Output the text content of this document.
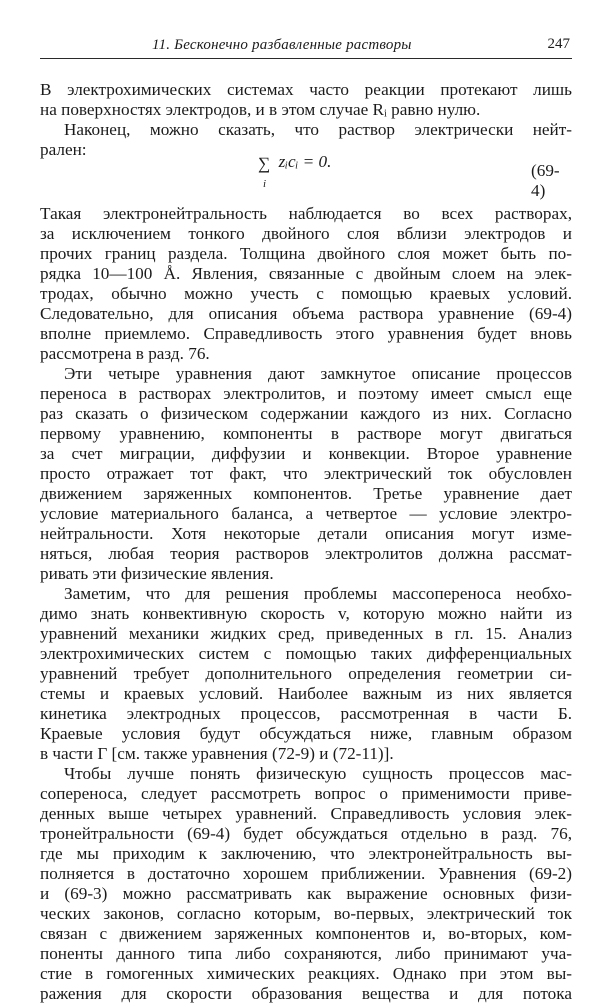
11. Бесконечно разбавленные растворы	247
В электрохимических системах часто реакции протекают лишь
на поверхностях электродов, и в этом случае Rᵢ равно нулю.
Наконец, можно сказать, что раствор электрически нейт-
рален:
Такая электронейтральность наблюдается во всех растворах,
за исключением тонкого двойного слоя вблизи электродов и
прочих границ раздела. Толщина двойного слоя может быть по-
рядка 10—100 Å. Явления, связанные с двойным слоем на элек-
тродах, обычно можно учесть с помощью краевых условий.
Следовательно, для описания объема раствора уравнение (69-4)
вполне приемлемо. Справедливость этого уравнения будет вновь
рассмотрена в разд. 76.
Эти четыре уравнения дают замкнутое описание процессов
переноса в растворах электролитов, и поэтому имеет смысл еще
раз сказать о физическом содержании каждого из них. Согласно
первому уравнению, компоненты в растворе могут двигаться
за счет миграции, диффузии и конвекции. Второе уравнение
просто отражает тот факт, что электрический ток обусловлен
движением заряженных компонентов. Третье уравнение дает
условие материального баланса, а четвертое — условие электро-
нейтральности. Хотя некоторые детали описания могут изме-
няться, любая теория растворов электролитов должна рассмат-
ривать эти физические явления.
Заметим, что для решения проблемы массопереноса необхо-
димо знать конвективную скорость v, которую можно найти из
уравнений механики жидких сред, приведенных в гл. 15. Анализ
электрохимических систем с помощью таких дифференциальных
уравнений требует дополнительного определения геометрии си-
стемы и краевых условий. Наиболее важным из них является
кинетика электродных процессов, рассмотренная в части Б.
Краевые условия будут обсуждаться ниже, главным образом
в части Г [см. также уравнения (72-9) и (72-11)].
Чтобы лучше понять физическую сущность процессов мас-
сопереноса, следует рассмотреть вопрос о применимости приве-
денных выше четырех уравнений. Справедливость условия элек-
тронейтральности (69-4) будет обсуждаться отдельно в разд. 76,
где мы приходим к заключению, что электронейтральность вы-
полняется в достаточно хорошем приближении. Уравнения (69-2)
и (69-3) можно рассматривать как выражение основных физи-
ческих законов, согласно которым, во-первых, электрический ток
связан с движением заряженных компонентов и, во-вторых, ком-
поненты данного типа либо сохраняются, либо принимают уча-
стие в гомогенных химических реакциях. Однако при этом вы-
ражения для скорости образования вещества и для потока
∑
i
zᵢcᵢ = 0.	(69-4)
